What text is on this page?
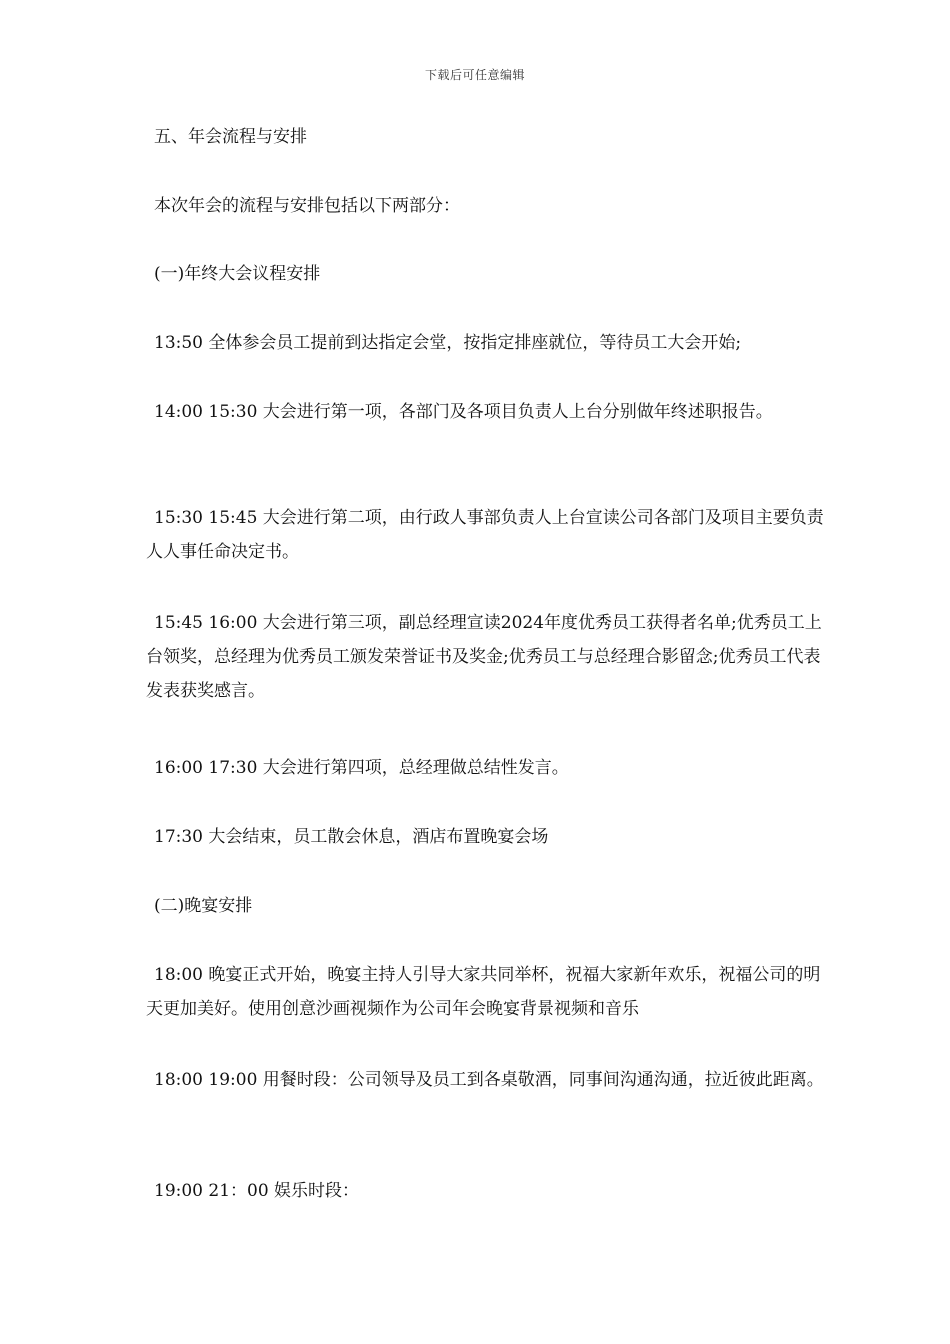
下载后可任意编辑
五、年会流程与安排
本次年会的流程与安排包括以下两部分：
(一)年终大会议程安排
13:50 全体参会员工提前到达指定会堂，按指定排座就位，等待员工大会开始;
14:00 15:30 大会进行第一项，各部门及各项目负责人上台分别做年终述职报告。
15:30 15:45 大会进行第二项，由行政人事部负责人上台宣读公司各部门及项目主要负责人人事任命决定书。
15:45 16:00 大会进行第三项，副总经理宣读2024年度优秀员工获得者名单;优秀员工上台领奖，总经理为优秀员工颁发荣誉证书及奖金;优秀员工与总经理合影留念;优秀员工代表发表获奖感言。
16:00 17:30 大会进行第四项，总经理做总结性发言。
17:30 大会结束，员工散会休息，酒店布置晚宴会场
(二)晚宴安排
18:00 晚宴正式开始，晚宴主持人引导大家共同举杯，祝福大家新年欢乐，祝福公司的明天更加美好。使用创意沙画视频作为公司年会晚宴背景视频和音乐
18:00 19:00 用餐时段：公司领导及员工到各桌敬酒，同事间沟通沟通，拉近彼此距离。
19:00 21：00 娱乐时段：
